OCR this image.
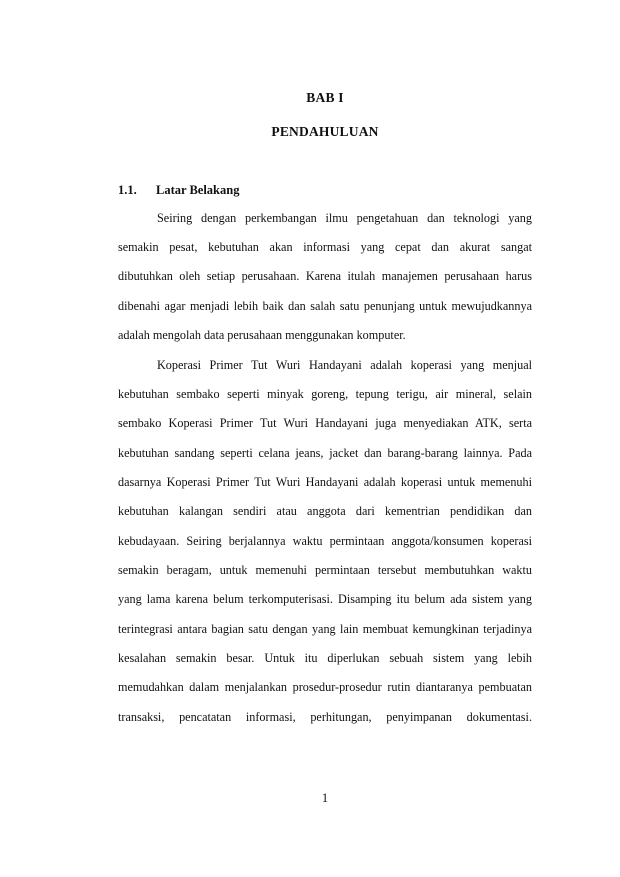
BAB I
PENDAHULUAN
1.1. Latar Belakang
Seiring dengan perkembangan ilmu pengetahuan dan teknologi yang
semakin pesat, kebutuhan akan informasi yang cepat dan akurat sangat
dibutuhkan oleh setiap perusahaan. Karena itulah manajemen perusahaan harus
dibenahi agar menjadi lebih baik dan salah satu penunjang untuk mewujudkannya
adalah mengolah data perusahaan menggunakan komputer.
Koperasi Primer Tut Wuri Handayani adalah koperasi yang menjual
kebutuhan sembako seperti minyak goreng, tepung terigu, air mineral, selain
sembako Koperasi Primer Tut Wuri Handayani juga menyediakan ATK, serta
kebutuhan sandang seperti celana jeans, jacket dan barang-barang lainnya. Pada
dasarnya Koperasi Primer Tut Wuri Handayani adalah koperasi untuk memenuhi
kebutuhan kalangan sendiri atau anggota dari kementrian pendidikan dan
kebudayaan. Seiring berjalannya waktu permintaan anggota/konsumen koperasi
semakin beragam, untuk memenuhi permintaan tersebut membutuhkan waktu
yang lama karena belum terkomputerisasi. Disamping itu belum ada sistem yang
terintegrasi antara bagian satu dengan yang lain membuat kemungkinan terjadinya
kesalahan semakin besar. Untuk itu diperlukan sebuah sistem yang lebih
memudahkan dalam menjalankan prosedur-prosedur rutin diantaranya pembuatan
transaksi, pencatatan informasi, perhitungan, penyimpanan dokumentasi.
1
